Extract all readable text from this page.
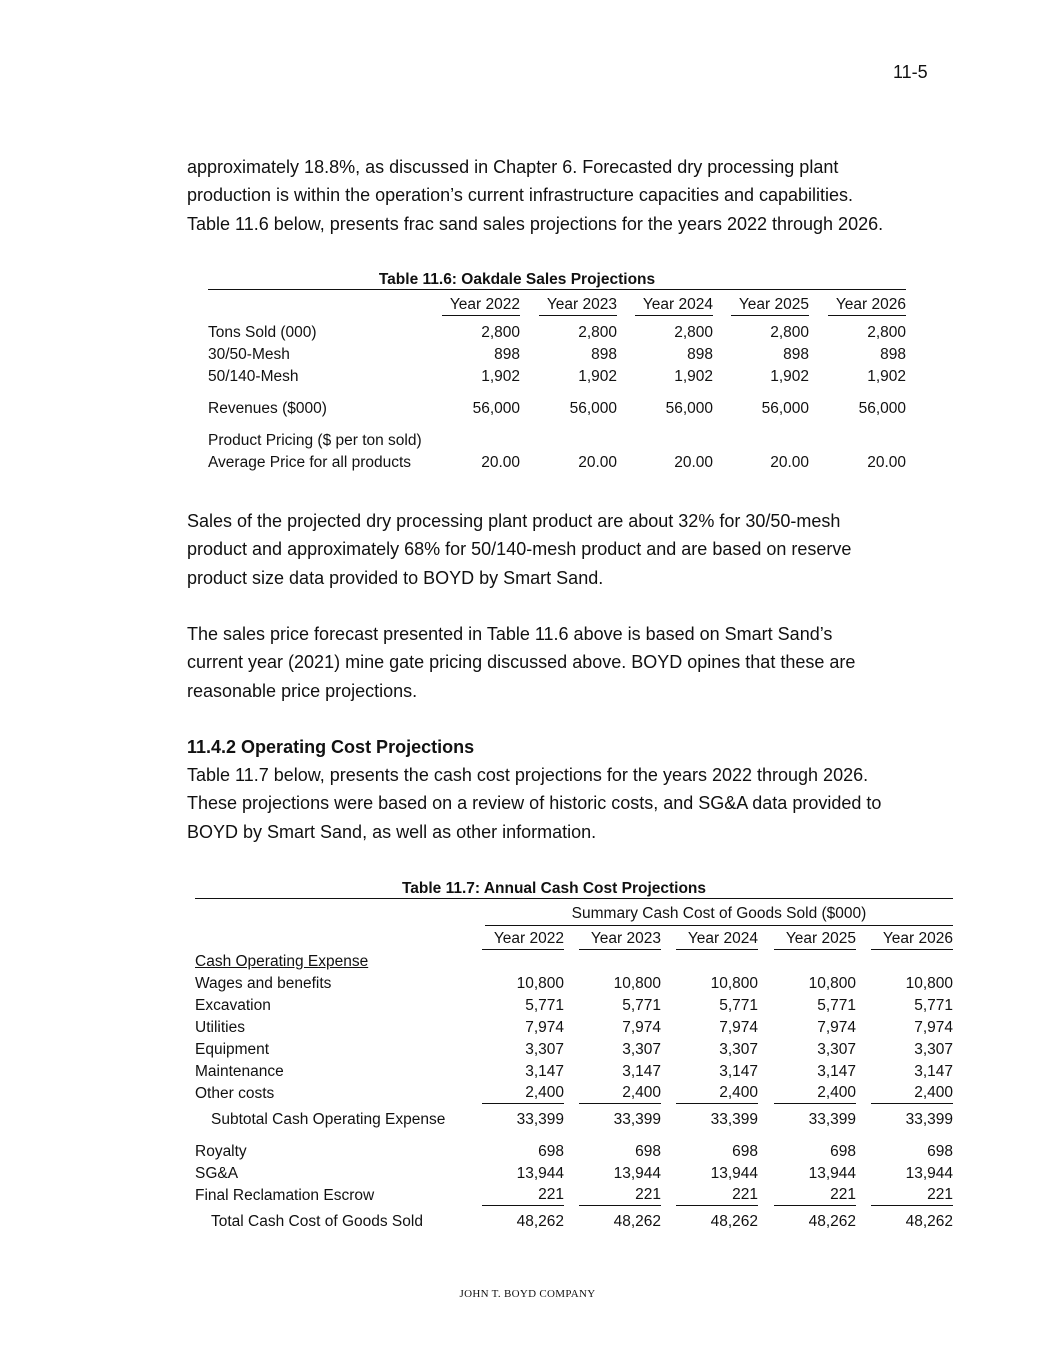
11-5
approximately 18.8%, as discussed in Chapter 6. Forecasted dry processing plant
production is within the operation’s current infrastructure capacities and capabilities.
Table 11.6 below, presents frac sand sales projections for the years 2022 through 2026.
Table 11.6: Oakdale Sales Projections
Year 2022	Year 2023	Year 2024	Year 2025	Year 2026
Tons Sold (000)	2,800	2,800	2,800	2,800	2,800
30/50-Mesh	898	898	898	898	898
50/140-Mesh	1,902	1,902	1,902	1,902	1,902
Revenues ($000)	56,000	56,000	56,000	56,000	56,000
Product Pricing ($ per ton sold)
Average Price for all products	20.00	20.00	20.00	20.00	20.00
Sales of the projected dry processing plant product are about 32% for 30/50-mesh
product and approximately 68% for 50/140-mesh product and are based on reserve
product size data provided to BOYD by Smart Sand.
The sales price forecast presented in Table 11.6 above is based on Smart Sand’s
current year (2021) mine gate pricing discussed above. BOYD opines that these are
reasonable price projections.
11.4.2 Operating Cost Projections
Table 11.7 below, presents the cash cost projections for the years 2022 through 2026.
These projections were based on a review of historic costs, and SG&A data provided to
BOYD by Smart Sand, as well as other information.
Table 11.7: Annual Cash Cost Projections
Summary Cash Cost of Goods Sold ($000)
Year 2022	Year 2023	Year 2024	Year 2025	Year 2026
Cash Operating Expense
Wages and benefits	10,800	10,800	10,800	10,800	10,800
Excavation	5,771	5,771	5,771	5,771	5,771
Utilities	7,974	7,974	7,974	7,974	7,974
Equipment	3,307	3,307	3,307	3,307	3,307
Maintenance	3,147	3,147	3,147	3,147	3,147
Other costs	2,400	2,400	2,400	2,400	2,400
Subtotal Cash Operating Expense	33,399	33,399	33,399	33,399	33,399
Royalty	698	698	698	698	698
SG&A	13,944	13,944	13,944	13,944	13,944
Final Reclamation Escrow	221	221	221	221	221
Total Cash Cost of Goods Sold	48,262	48,262	48,262	48,262	48,262
JOHN T. BOYD COMPANY
